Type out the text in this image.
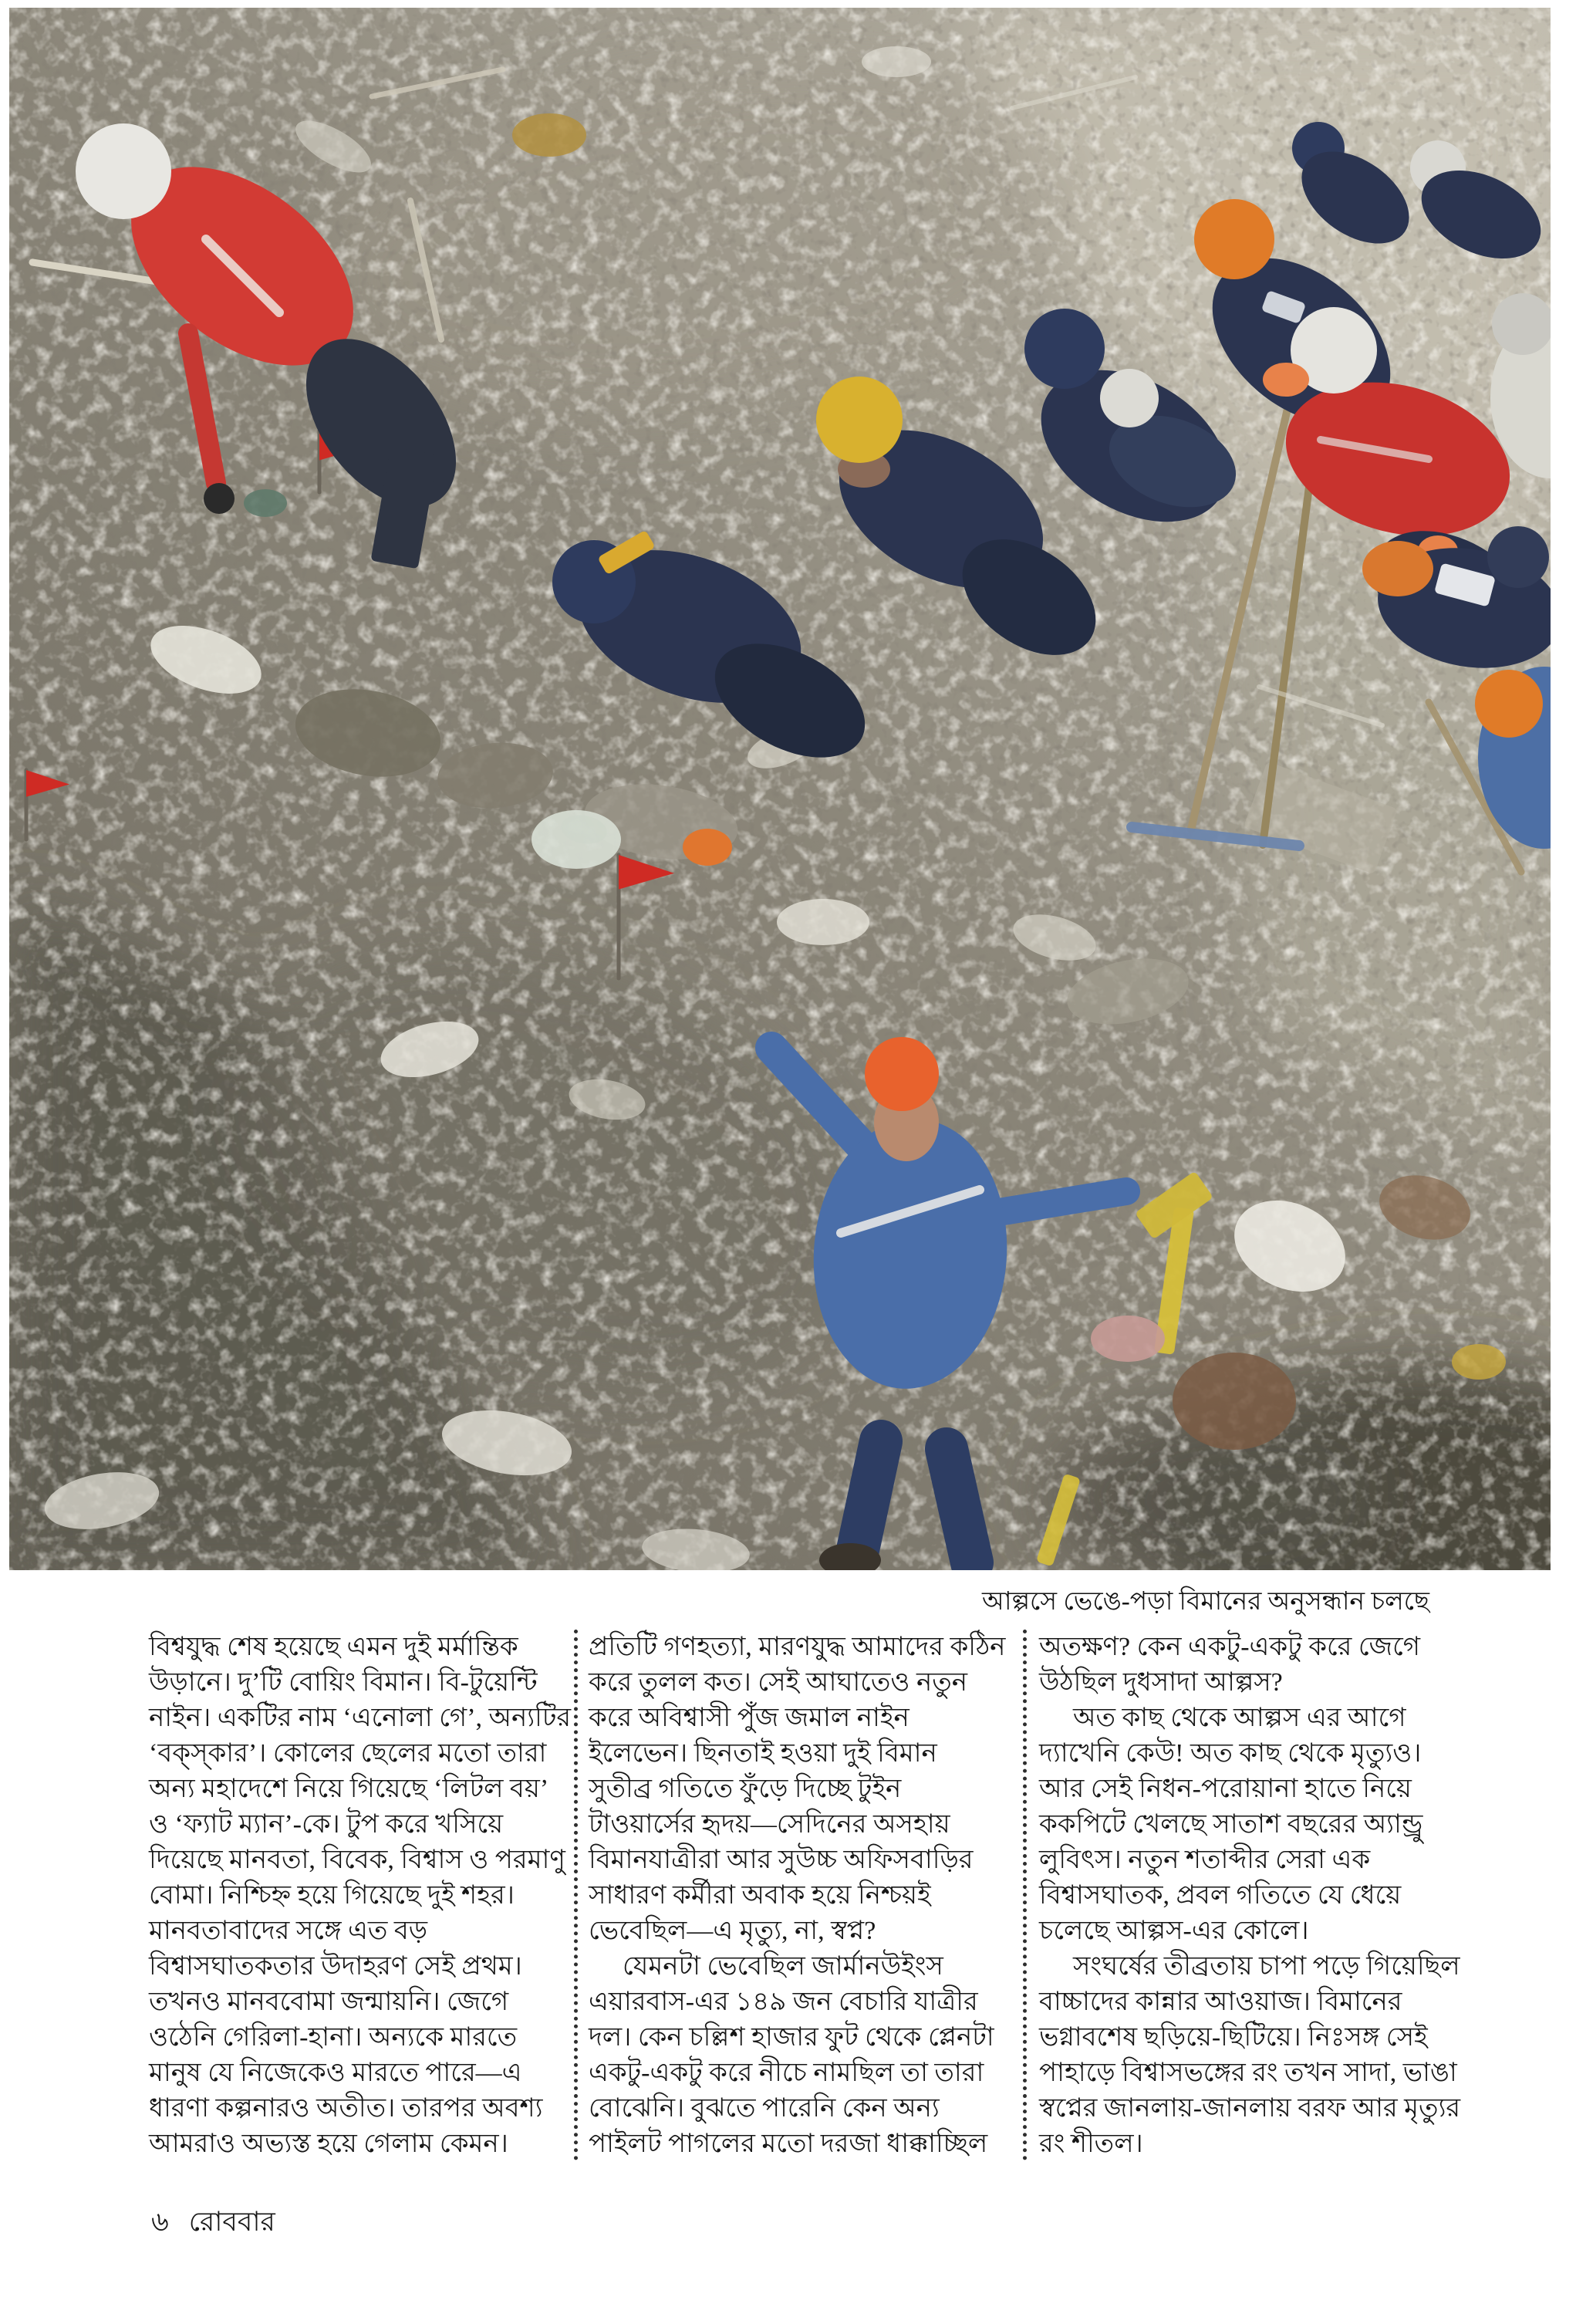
আল্পসে ভেঙে-পড়া বিমানের অনুসন্ধান চলছে
বিশ্বযুদ্ধ শেষ হয়েছে এমন দুই মর্মান্তিক
উড়ানে। দু’টি বোয়িং বিমান। বি-টুয়েন্টি
নাইন। একটির নাম ‘এনোলা গে’, অন্যটির
‘বক্স্‌কার’। কোলের ছেলের মতো তারা
অন্য মহাদেশে নিয়ে গিয়েছে ‘লিটল বয়’
ও ‘ফ্যাট ম্যান’-কে। টুপ করে খসিয়ে
দিয়েছে মানবতা, বিবেক, বিশ্বাস ও পরমাণু
বোমা। নিশ্চিহ্ন হয়ে গিয়েছে দুই শহর।
মানবতাবাদের সঙ্গে এত বড়
বিশ্বাসঘাতকতার উদাহরণ সেই প্রথম।
তখনও মানববোমা জন্মায়নি। জেগে
ওঠেনি গেরিলা-হানা। অন্যকে মারতে
মানুষ যে নিজেকেও মারতে পারে—এ
ধারণা কল্পনারও অতীত। তারপর অবশ্য
আমরাও অভ্যস্ত হয়ে গেলাম কেমন।
প্রতিটি গণহত্যা, মারণযুদ্ধ আমাদের কঠিন
করে তুলল কত। সেই আঘাতেও নতুন
করে অবিশ্বাসী পুঁজ জমাল নাইন
ইলেভেন। ছিনতাই হওয়া দুই বিমান
সুতীব্র গতিতে ফুঁড়ে দিচ্ছে টুইন
টাওয়ার্সের হৃদয়—সেদিনের অসহায়
বিমানযাত্রীরা আর সুউচ্চ অফিসবাড়ির
সাধারণ কর্মীরা অবাক হয়ে নিশ্চয়ই
ভেবেছিল—এ মৃত্যু, না, স্বপ্ন?
যেমনটা ভেবেছিল জার্মানউইংস
এয়ারবাস-এর ১৪৯ জন বেচারি যাত্রীর
দল। কেন চল্লিশ হাজার ফুট থেকে প্লেনটা
একটু-একটু করে নীচে নামছিল তা তারা
বোঝেনি। বুঝতে পারেনি কেন অন্য
পাইলট পাগলের মতো দরজা ধাক্কাচ্ছিল
অতক্ষণ? কেন একটু-একটু করে জেগে
উঠছিল দুধসাদা আল্পস?
অত কাছ থেকে আল্পস এর আগে
দ্যাখেনি কেউ! অত কাছ থেকে মৃত্যুও।
আর সেই নিধন-পরোয়ানা হাতে নিয়ে
ককপিটে খেলছে সাতাশ বছরের অ্যান্ড্রু
লুবিৎস। নতুন শতাব্দীর সেরা এক
বিশ্বাসঘাতক, প্রবল গতিতে যে ধেয়ে
চলেছে আল্পস-এর কোলে।
সংঘর্ষের তীব্রতায় চাপা পড়ে গিয়েছিল
বাচ্চাদের কান্নার আওয়াজ। বিমানের
ভগ্নাবশেষ ছড়িয়ে-ছিটিয়ে। নিঃসঙ্গ সেই
পাহাড়ে বিশ্বাসভঙ্গের রং তখন সাদা, ভাঙা
স্বপ্নের জানলায়-জানলায় বরফ আর মৃত্যুর
রং শীতল।
৬ রোববার
